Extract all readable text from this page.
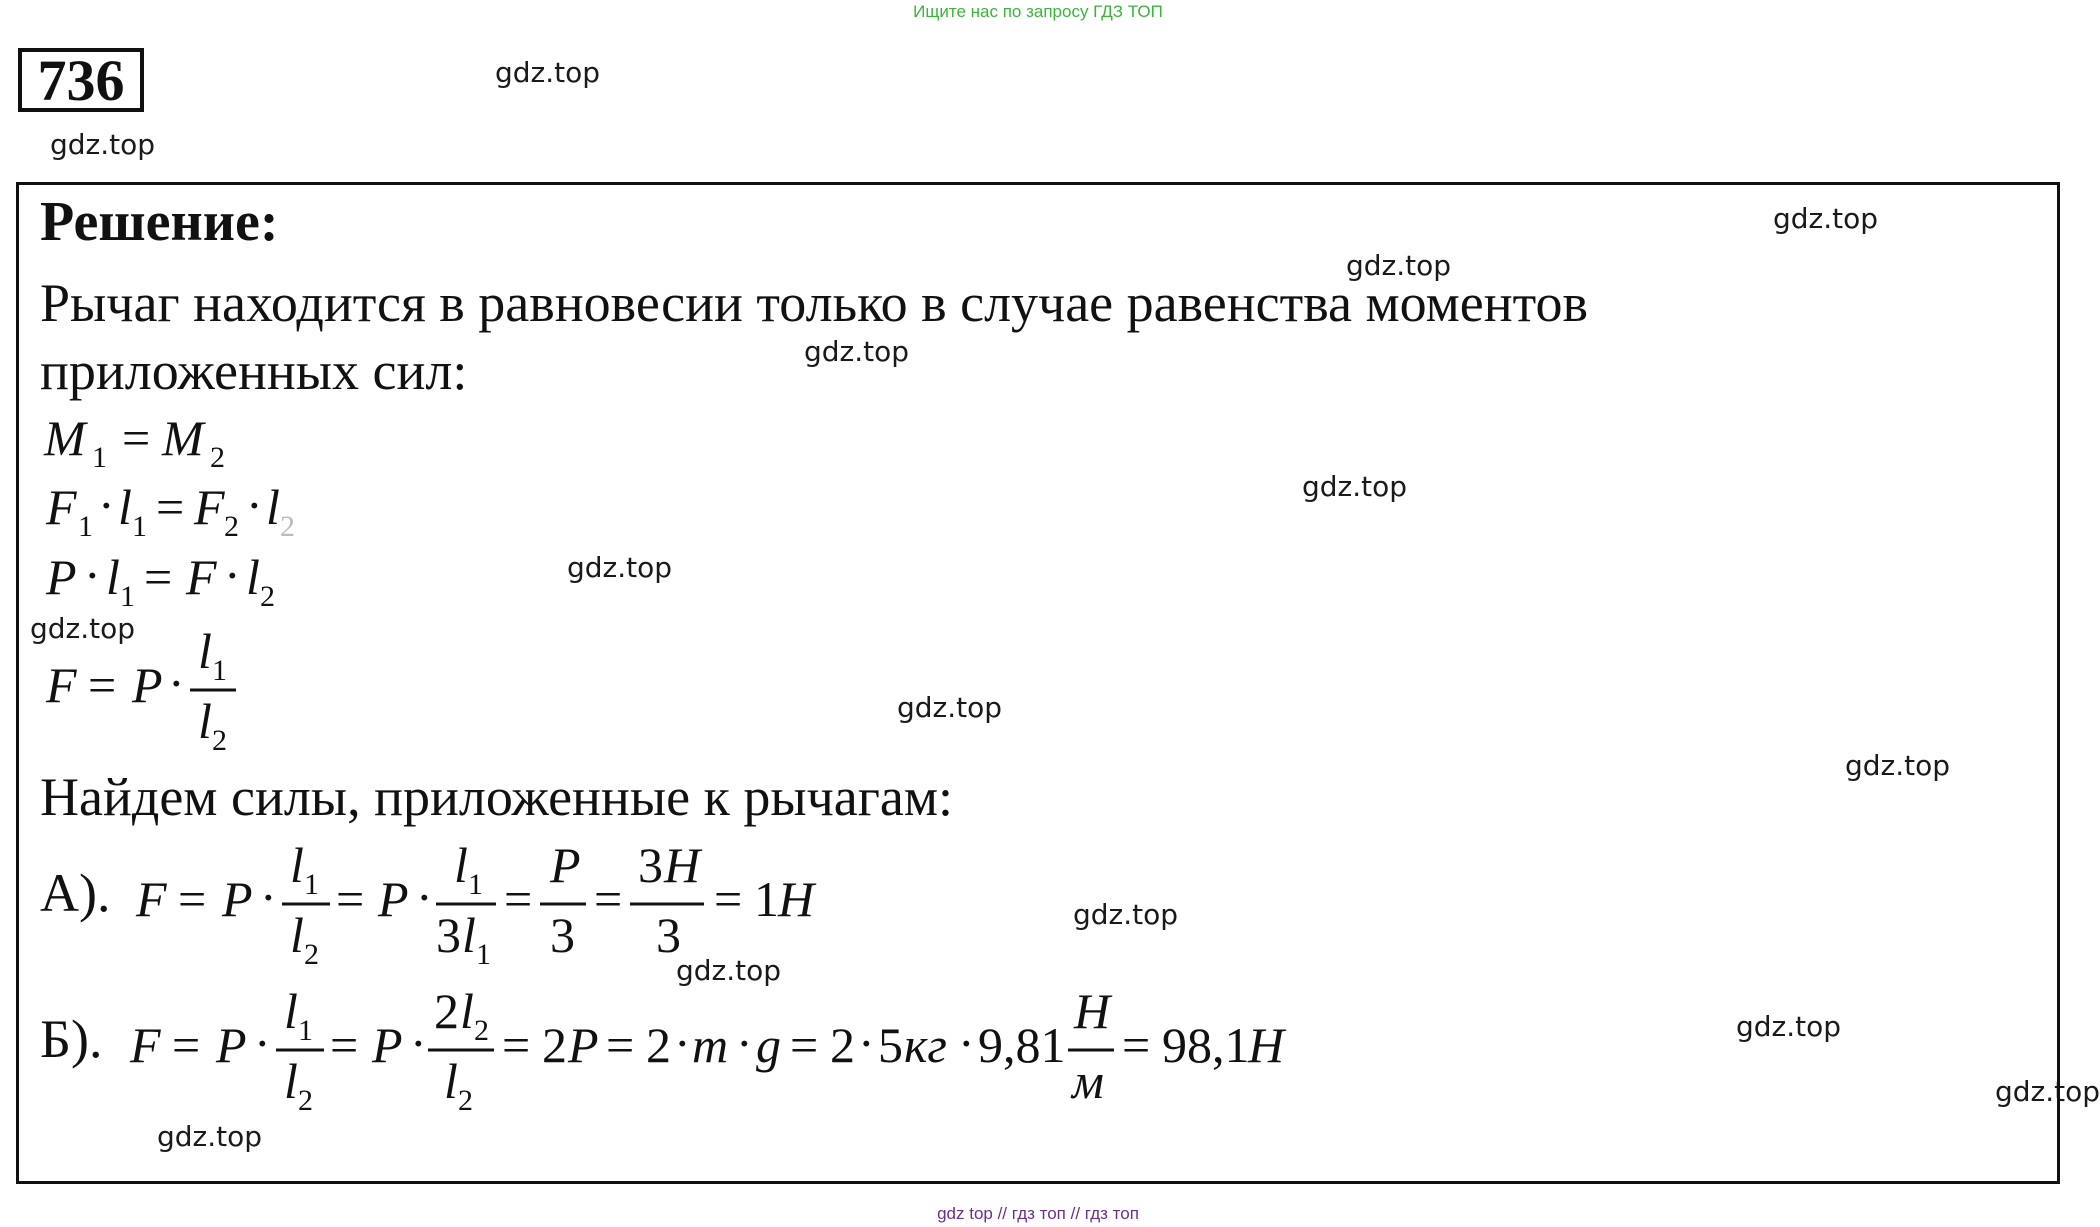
Ищите нас по запросу ГДЗ ТОП
736	gdz.top
gdz.top
gdz.top
gdz.top
gdz.top
gdz.top
gdz.top
gdz.top
gdz.top
gdz.top
gdz.top
gdz.top
gdz.top
gdz.top
gdz.top
Решение:
Рычаг находится в равновесии только в случае равенства моментов
приложенных сил:
M 1 = M 2
F 1 · l 1 = F 2 · l 2
P · l 1 = F · l 2
F = P ·
l 1
l 2
Найдем силы, приложенные к рычагам:
А). F = P ·
l 1
l 2
= P ·
l 1
3 l 1
=
P
3
=
3 H
3
= 1 H
Б). F = P ·
l 1
l 2
= P ·
2 l 2
l 2
= 2 P = 2 · m · g = 2 · 5 кг · 9,81
H
м
= 98,1
H
gdz top // гдз топ // гдз топ
